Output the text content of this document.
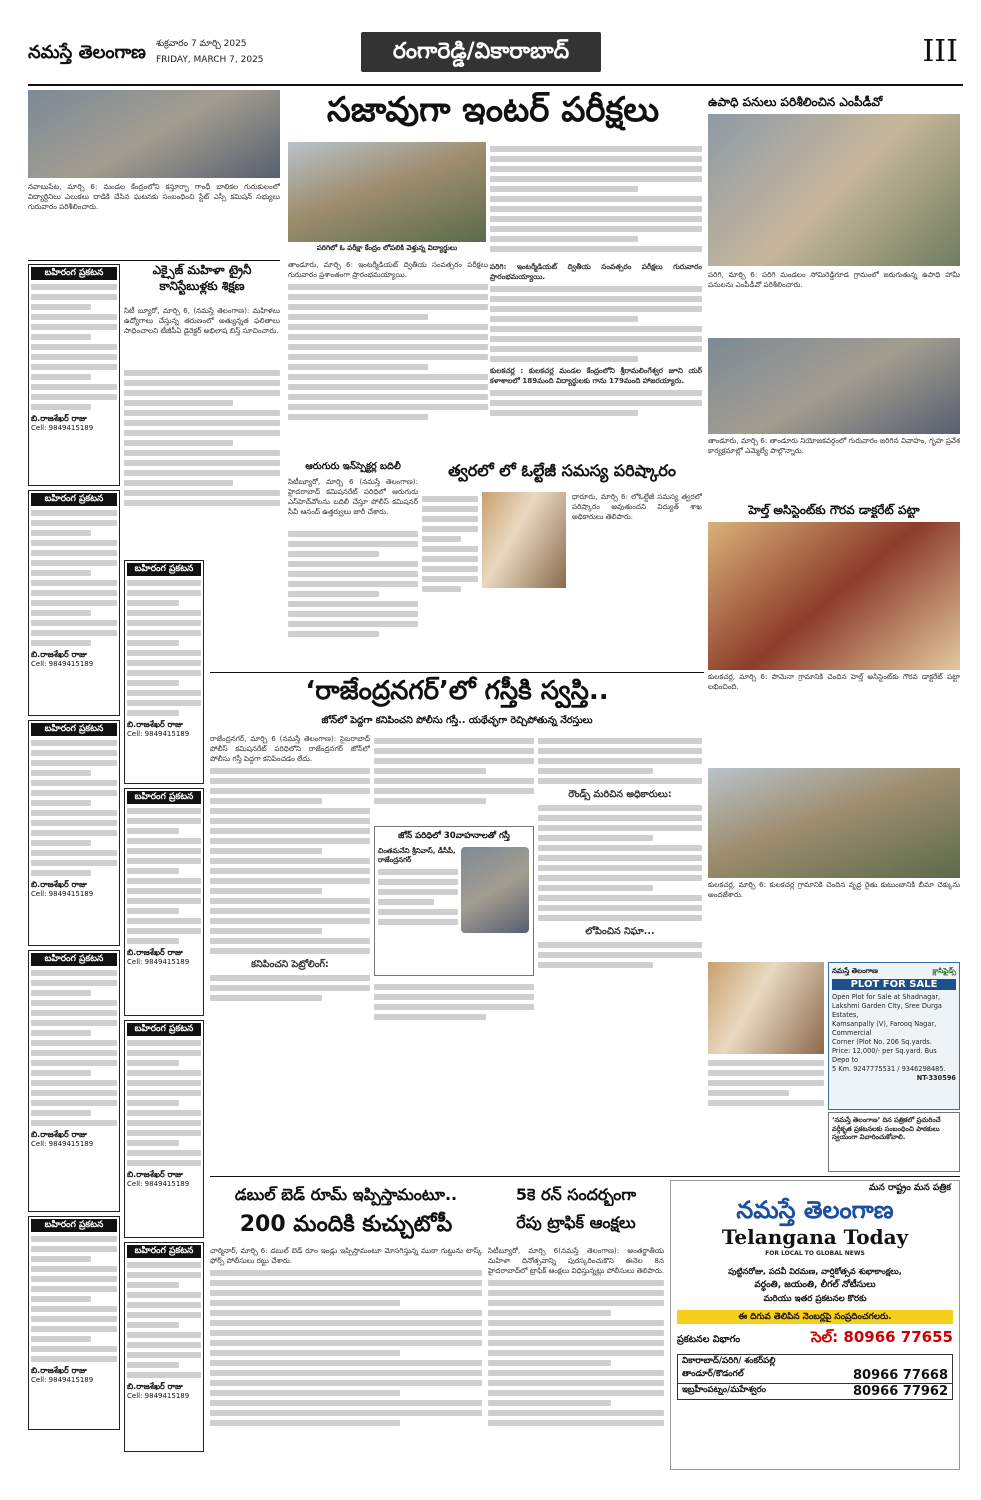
నమస్తే తెలంగాణ శుక్రవారం 7 మార్చి 2025
FRIDAY, MARCH 7, 2025	రంగారెడ్డి/వికారాబాద్	III
నవాబుపేట, మార్చి 6: మండల కేంద్రంలోని కస్తూర్బా గాంధీ బాలికల గురుకులంలో విద్యార్థినిలు ఎలుకలు దాడికి చేసిన ఘటనకు సంబంధించి స్టేట్ ఎస్సీ కమిషన్ సభ్యులు గురువారం పరిశీలించారు.
బహిరంగ ప్రకటన
బి.రాజశేఖర్ రాజు
Cell: 9849415189
బహిరంగ ప్రకటన
బి.రాజశేఖర్ రాజు
Cell: 9849415189
బహిరంగ ప్రకటన
బి.రాజశేఖర్ రాజు
Cell: 9849415189
బహిరంగ ప్రకటన
బి.రాజశేఖర్ రాజు
Cell: 9849415189
బహిరంగ ప్రకటన
బి.రాజశేఖర్ రాజు
Cell: 9849415189
బహిరంగ ప్రకటన
బి.రాజశేఖర్ రాజు
Cell: 9849415189
బహిరంగ ప్రకటన
బి.రాజశేఖర్ రాజు
Cell: 9849415189
బహిరంగ ప్రకటన
బి.రాజశేఖర్ రాజు
Cell: 9849415189
బహిరంగ ప్రకటన
బి.రాజశేఖర్ రాజు
Cell: 9849415189
ఎక్సైజ్ మహిళా ట్రైనీ కానిస్టేబుళ్లకు శిక్షణ
సిటీ బ్యూరో, మార్చి 6, (నమస్తే తెలంగాణ): మహిళలు ఉద్యోగాలు చేస్తున్న తరుణంలో అత్యున్నత ఫలితాలు సాధించాలని టీజీపీఏ డైరెక్టర్ అభిలాష బిస్త్ సూచించారు.
సజావుగా ఇంటర్ పరీక్షలు
పరిగిలో ఓ పరీక్షా కేంద్రం లోపలికి వెళ్తున్న విద్యార్థులు
తాండూరు, మార్చి 6: ఇంటర్మీడియట్ ద్వితీయ సంవత్సరం పరీక్షలు గురువారం ప్రశాంతంగా ప్రారంభమయ్యాయి.
పరిగి: ఇంటర్మీడియట్ ద్వితీయ సంవత్సరం పరీక్షలు గురువారం ప్రారంభమయ్యాయి.
కులకచర్ల : కులకచర్ల మండల కేంద్రంలోని శ్రీరామలింగేశ్వర జూని యర్ కళాశాలలో 189మంది విద్యార్థులకు గాను 179మంది హాజరయ్యారు.
ఆరుగురు ఇన్‌స్పెక్టర్ల బదిలీ
సిటీబ్యూరో, మార్చి 6 (నమస్తే తెలంగాణ): హైదరాబాద్ కమిషనరేట్ పరిధిలో ఆరుగురు ఎస్‌హెచ్‌వోలను బదిలీ చేస్తూ పోలీస్ కమిషనర్ సీవీ ఆనంద్ ఉత్తర్వులు జారీ చేశారు.
త్వరలో లో ఓల్టేజీ సమస్య పరిష్కారం
ధారూరు, మార్చి 6: లోఓల్టేజీ సమస్య త్వరలో పరిష్కారం అవుతుందని విద్యుత్ శాఖ అధికారులు తెలిపారు.
ఉపాధి పనులు పరిశీలించిన ఎంపీడీవో
పరిగి, మార్చి 6: పరిగి మండలం సోమిరెడ్డిగూడ గ్రామంలో జరుగుతున్న ఉపాధి హామీ పనులను ఎంపీడీవో పరిశీలించారు.
తాండూరు, మార్చి 6: తాండూరు నియోజకవర్గంలో గురువారం జరిగిన వివాహం, గృహ ప్రవేశ కార్యక్రమాల్లో ఎమ్మెల్యే పాల్గొన్నారు.
హెల్త్ అసిస్టెంట్‌కు గౌరవ డాక్టరేట్ పట్టా
కులకచర్ల, మార్చి 6: పామెనా గ్రామానికి చెందిన హెల్త్ అసిస్టెంట్‌కు గౌరవ డాక్టరేట్ పట్టా లభించింది.
కులకచర్ల, మార్చి 6: కులకచర్ల గ్రామానికి చెందిన వృద్ధ రైతు కుటుంబానికి బీమా చెక్కును అందజేశారు.
‘రాజేంద్రనగర్’లో గస్తీకి స్వస్తి..
జోన్‌లో పెద్దగా కనిపించని పోలీసు గస్తీ.. యథేచ్ఛగా రెచ్చిపోతున్న నేరస్తులు
రాజేంద్రనగర్, మార్చి 6 (నమస్తే తెలంగాణ): సైబరాబాద్ పోలీస్ కమిషనరేట్ పరిధిలోని రాజేంద్రనగర్ జోన్‌లో పోలీసు గస్తీ పెద్దగా కనిపించడం లేదు.
కనిపించని పెట్రోలింగ్:
జోన్ పరిధిలో 30వాహనాలతో గస్తీ
చింతమనేని శ్రీనివాస్, డీసీపీ, రాజేంద్రనగర్
రౌండ్స్ మరిచిన అధికారులు:
లోపించిన నిఘా...
నమస్తే తెలంగాణ	క్లాసిఫైడ్స్
PLOT FOR SALE
Open Plot for Sale at Shadnagar,
Lakshmi Garden City, Sree Durga Estates,
Kamsanpally (V), Farooq Nagar, Commercial
Corner (Plot No. 206 Sq.yards.
Price: 12,000/- per Sq.yard. Bus Depo to
5 Km. 9247775531 / 9346298485.
NT-330596
‘నమస్తే తెలంగాణ’ దిన పత్రికలో ప్రచురించే వర్గీకృత ప్రకటనలకు సంబంధించి పాఠకులు స్వయంగా విచారించుకోవాలి.
డబుల్ బెడ్ రూమ్ ఇప్పిస్తామంటూ..
200 మందికి కుచ్చుటోపీ
చార్మినార్, మార్చి 6: డబుల్ బెడ్ రూం ఇండ్లు ఇప్పిస్తామంటూ మోసగిస్తున్న ముఠా గుట్టును టాస్క్ ఫోర్స్ పోలీసులు రట్టు చేశారు.
5కె రన్ సందర్భంగా
రేపు ట్రాఫిక్ ఆంక్షలు
సిటీబ్యూరో, మార్చి 6(నమస్తే తెలంగాణ): అంతర్జాతీయ మహిళా దినోత్సవాన్ని పురస్కరించుకొని ఈనెల 8న హైదరాబాద్‌లో ట్రాఫిక్ ఆంక్షలు విధిస్తున్నట్లు పోలీసులు తెలిపారు.
మన రాష్ట్రం మన పత్రిక
నమస్తే తెలంగాణ
Telangana Today
FOR LOCAL TO GLOBAL NEWS
పుట్టినరోజు, పదవీ విరమణ, వార్షికోత్సవ శుభాకాంక్షలు,
వర్ధంతి, జయంతి, లీగల్ నోటీసులు
మరియు ఇతర ప్రకటనల కొరకు
ఈ దిగువ తెలిపిన నెంబర్లపై సంప్రదించగలరు.
ప్రకటనల విభాగం	సెల్: 80966 77655
వికారాబాద్/పరిగి/ శంకర్‌పల్లి
తాండూర్/కొడంగల్	80966 77668
ఇబ్రహీంపట్నం/మహేశ్వరం	80966 77962
